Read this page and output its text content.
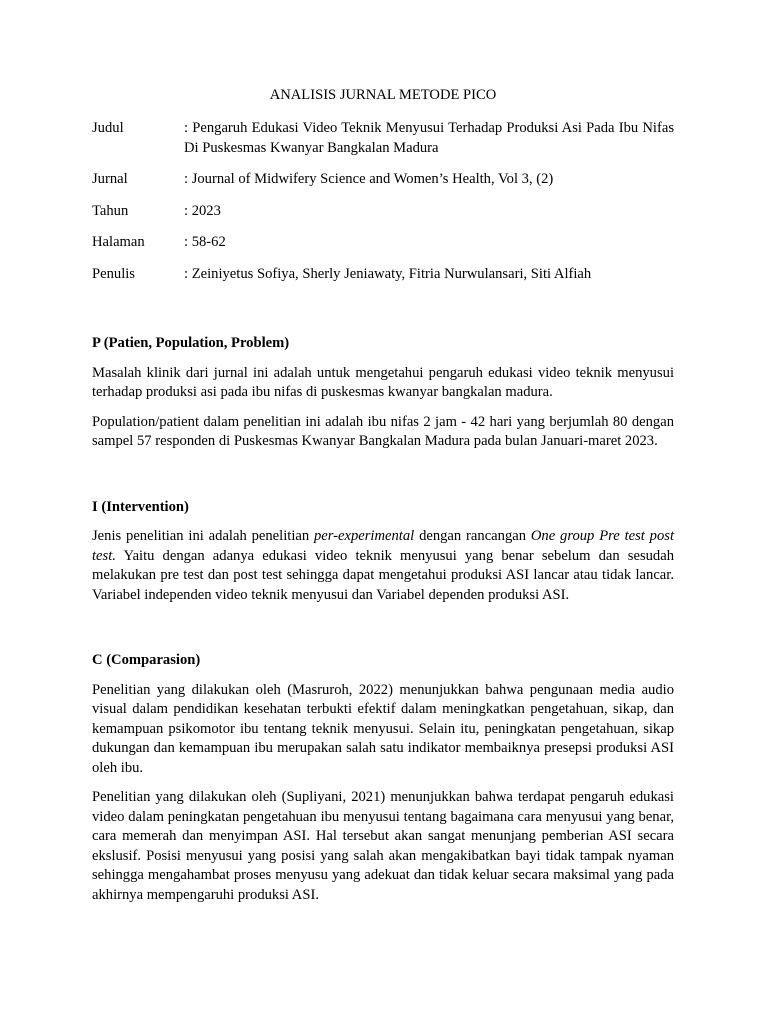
ANALISIS JURNAL METODE PICO

Judul	: Pengaruh Edukasi Video Teknik Menyusui Terhadap Produksi Asi Pada Ibu Nifas Di Puskesmas Kwanyar Bangkalan Madura
Jurnal	: Journal of Midwifery Science and Women’s Health, Vol 3, (2)
Tahun	: 2023
Halaman	: 58-62
Penulis	: Zeiniyetus Sofiya, Sherly Jeniawaty, Fitria Nurwulansari, Siti Alfiah

P (Patien, Population, Problem)

Masalah klinik dari jurnal ini adalah untuk mengetahui pengaruh edukasi video teknik menyusui terhadap produksi asi pada ibu nifas di puskesmas kwanyar bangkalan madura.

Population/patient dalam penelitian ini adalah ibu nifas 2 jam - 42 hari yang berjumlah 80 dengan sampel 57 responden di Puskesmas Kwanyar Bangkalan Madura pada bulan Januari-maret 2023.

I (Intervention)

Jenis penelitian ini adalah penelitian per-experimental dengan rancangan One group Pre test post test. Yaitu dengan adanya edukasi video teknik menyusui yang benar sebelum dan sesudah melakukan pre test dan post test sehingga dapat mengetahui produksi ASI lancar atau tidak lancar. Variabel independen video teknik menyusui dan Variabel dependen produksi ASI.

C (Comparasion)

Penelitian yang dilakukan oleh (Masruroh, 2022) menunjukkan bahwa pengunaan media audio visual dalam pendidikan kesehatan terbukti efektif dalam meningkatkan pengetahuan, sikap, dan kemampuan psikomotor ibu tentang teknik menyusui. Selain itu, peningkatan pengetahuan, sikap dukungan dan kemampuan ibu merupakan salah satu indikator membaiknya presepsi produksi ASI oleh ibu.

Penelitian yang dilakukan oleh (Supliyani, 2021) menunjukkan bahwa terdapat pengaruh edukasi video dalam peningkatan pengetahuan ibu menyusui tentang bagaimana cara menyusui yang benar, cara memerah dan menyimpan ASI. Hal tersebut akan sangat menunjang pemberian ASI secara ekslusif. Posisi menyusui yang posisi yang salah akan mengakibatkan bayi tidak tampak nyaman sehingga mengahambat proses menyusu yang adekuat dan tidak keluar secara maksimal yang pada akhirnya mempengaruhi produksi ASI.
